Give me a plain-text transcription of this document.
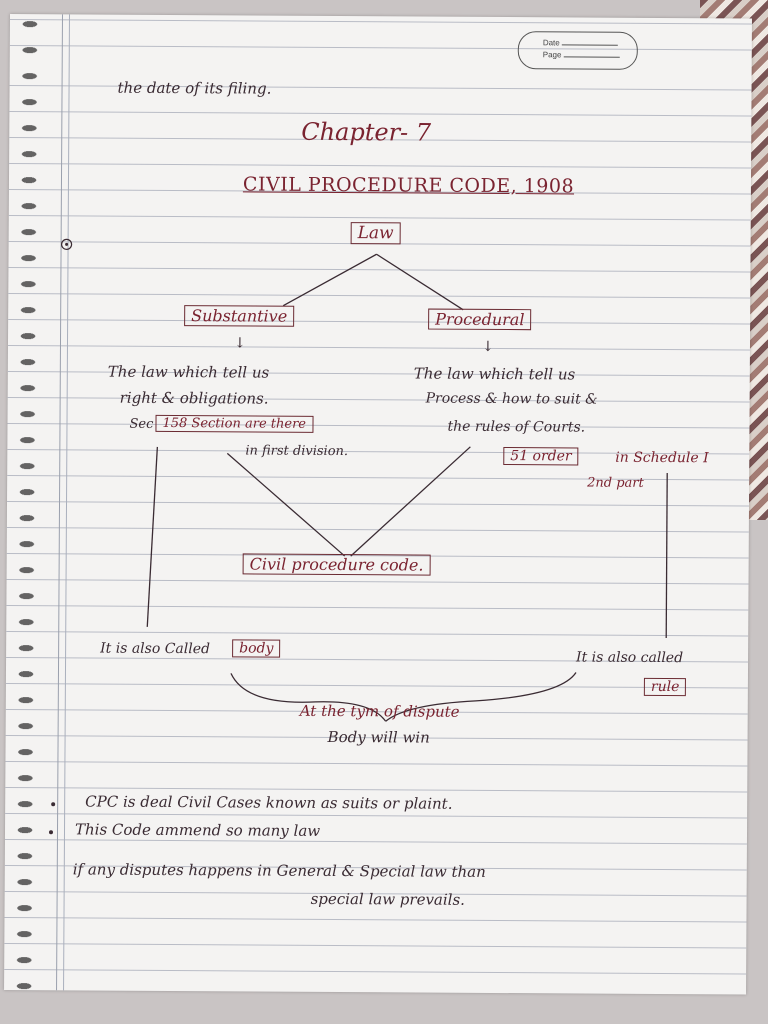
Date
Page
the date of its filing.
Chapter- 7
CIVIL PROCEDURE CODE, 1908
Law
Substantive	Procedural
↓	↓
The law which tell us
right & obligations.
Sec 158 Section are there
in first division.
The law which tell us
Process & how to suit &
the rules of Courts.
51 order	in Schedule I
2nd part
Civil procedure code.
It is also Called	body
It is also called
rule
At the tym of dispute
Body will win
CPC is deal Civil Cases known as suits or plaint.
This Code ammend so many law
if any disputes happens in General & Special law than
special law prevails.
